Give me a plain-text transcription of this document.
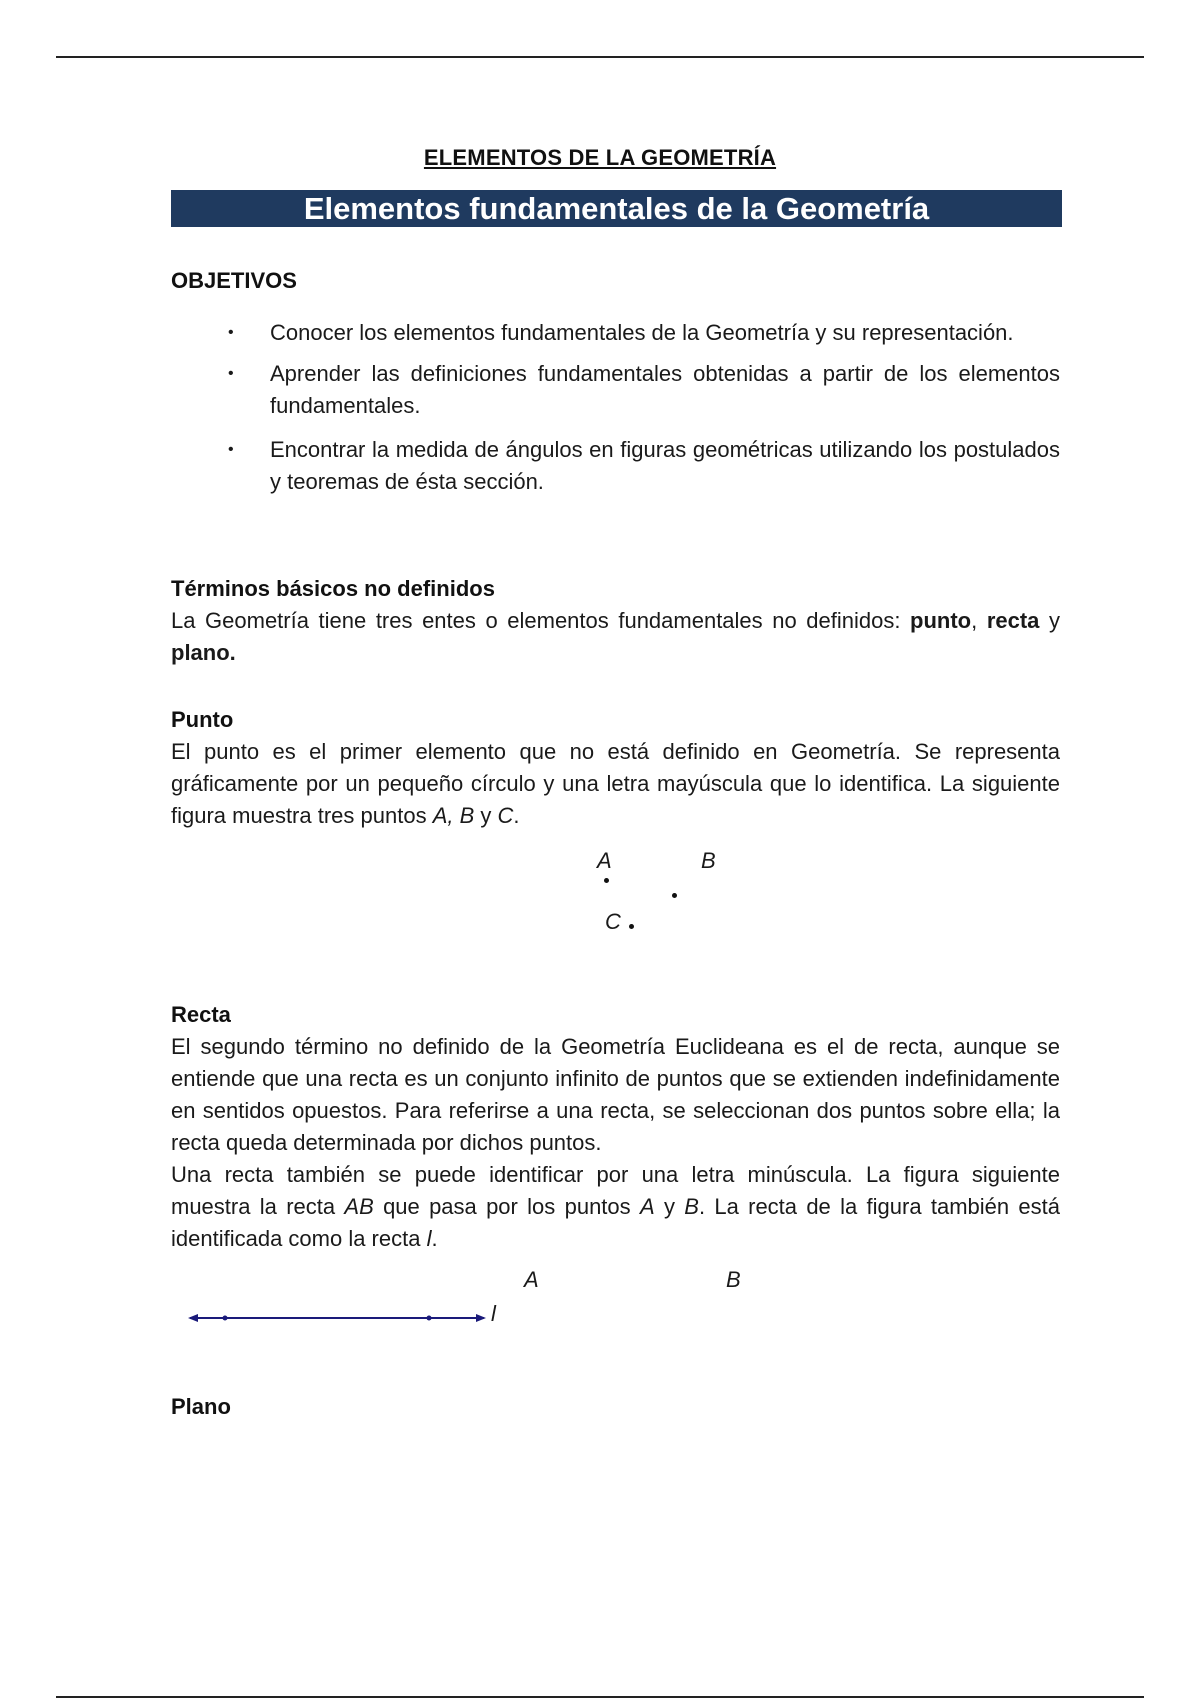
ELEMENTOS DE LA GEOMETRÍA
Elementos fundamentales de la Geometría
OBJETIVOS
• Conocer los elementos fundamentales de la Geometría y su representación.
• Aprender las definiciones fundamentales obtenidas a partir de los elementos fundamentales.
• Encontrar la medida de ángulos en figuras geométricas utilizando los postulados y teoremas de ésta sección.
Términos básicos no definidos
La Geometría tiene tres entes o elementos fundamentales no definidos: punto, recta y plano.
Punto
El punto es el primer elemento que no está definido en Geometría. Se representa gráficamente por un pequeño círculo y una letra mayúscula que lo identifica. La siguiente figura muestra tres puntos A, B y C.
A	B
C
Recta
El segundo término no definido de la Geometría Euclideana es el de recta, aunque se entiende que una recta es un conjunto infinito de puntos que se extienden indefinidamente en sentidos opuestos. Para referirse a una recta, se seleccionan dos puntos sobre ella; la recta queda determinada por dichos puntos.
Una recta también se puede identificar por una letra minúscula. La figura siguiente muestra la recta AB que pasa por los puntos A y B. La recta de la figura también está identificada como la recta l.
A	B
l
Plano
